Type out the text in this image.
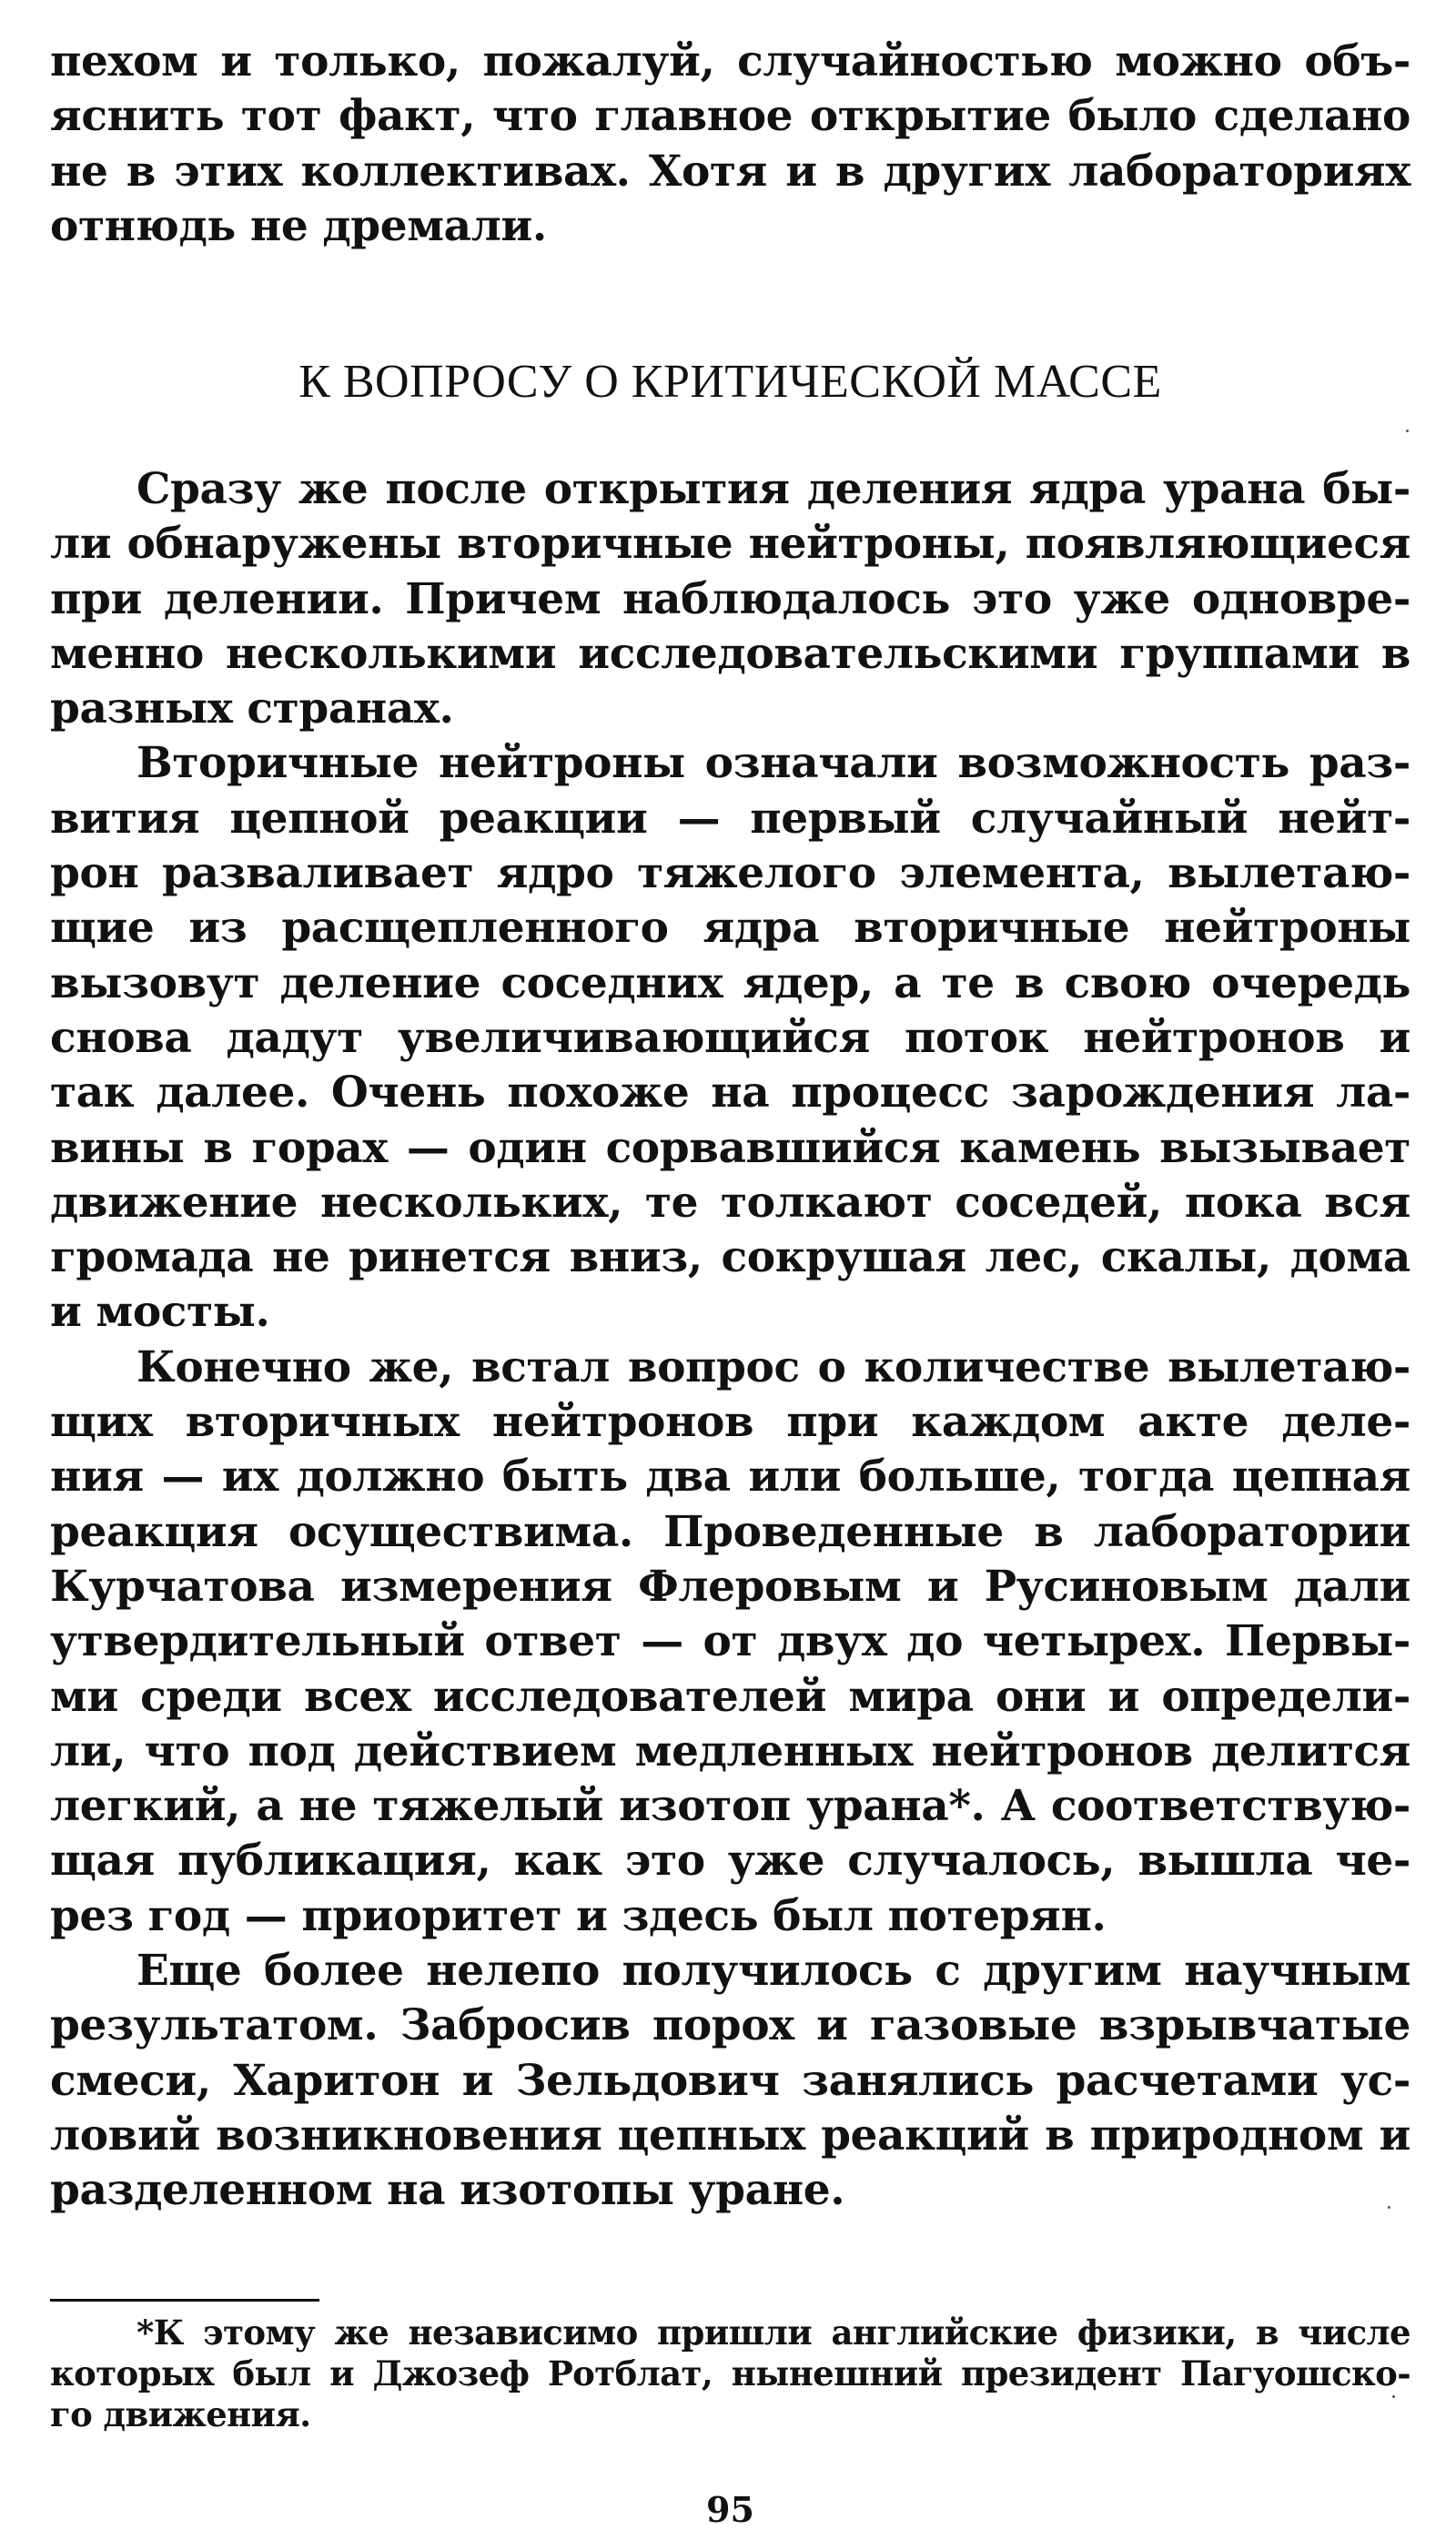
пехом и только, пожалуй, случайностью можно объ-
яснить тот факт, что главное открытие было сделано
не в этих коллективах. Хотя и в других лабораториях
отнюдь не дремали.
К ВОПРОСУ О КРИТИЧЕСКОЙ МАССЕ
Сразу же после открытия деления ядра урана бы-
ли обнаружены вторичные нейтроны, появляющиеся
при делении. Причем наблюдалось это уже одновре-
менно несколькими исследовательскими группами в
разных странах.
Вторичные нейтроны означали возможность раз-
вития цепной реакции — первый случайный нейт-
рон разваливает ядро тяжелого элемента, вылетаю-
щие из расщепленного ядра вторичные нейтроны
вызовут деление соседних ядер, а те в свою очередь
снова дадут увеличивающийся поток нейтронов и
так далее. Очень похоже на процесс зарождения ла-
вины в горах — один сорвавшийся камень вызывает
движение нескольких, те толкают соседей, пока вся
громада не ринется вниз, сокрушая лес, скалы, дома
и мосты.
Конечно же, встал вопрос о количестве вылетаю-
щих вторичных нейтронов при каждом акте деле-
ния — их должно быть два или больше, тогда цепная
реакция осуществима. Проведенные в лаборатории
Курчатова измерения Флеровым и Русиновым дали
утвердительный ответ — от двух до четырех. Первы-
ми среди всех исследователей мира они и определи-
ли, что под действием медленных нейтронов делится
легкий, а не тяжелый изотоп урана*. А соответствую-
щая публикация, как это уже случалось, вышла че-
рез год — приоритет и здесь был потерян.
Еще более нелепо получилось с другим научным
результатом. Забросив порох и газовые взрывчатые
смеси, Харитон и Зельдович занялись расчетами ус-
ловий возникновения цепных реакций в природном и
разделенном на изотопы уране.
*К этому же независимо пришли английские физики, в числе
которых был и Джозеф Ротблат, нынешний президент Пагуошско-
го движения.

95
